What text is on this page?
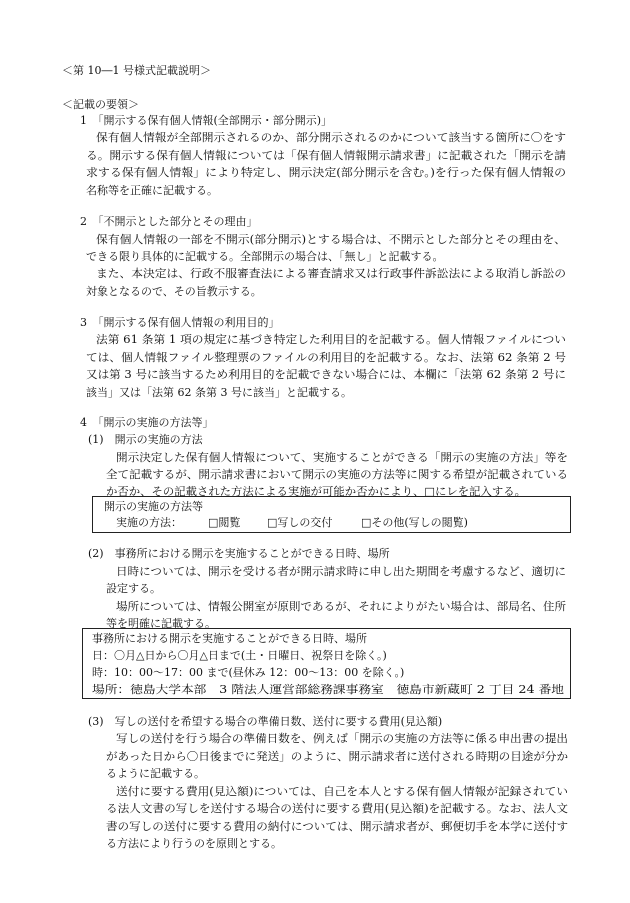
＜第 10―1 号様式記載説明＞
＜記載の要領＞
1　「開示する保有個人情報(全部開示・部分開示)」
保有個人情報が全部開示されるのか、部分開示されるのかについて該当する箇所に〇をす
る。開示する保有個人情報については「保有個人情報開示請求書」に記載された「開示を請
求する保有個人情報」により特定し、開示決定(部分開示を含む。)を行った保有個人情報の
名称等を正確に記載する。
2　「不開示とした部分とその理由」
保有個人情報の一部を不開示(部分開示)とする場合は、不開示とした部分とその理由を、
できる限り具体的に記載する。全部開示の場合は、「無し」と記載する。
また、本決定は、行政不服審査法による審査請求又は行政事件訴訟法による取消し訴訟の
対象となるので、その旨教示する。
3　「開示する保有個人情報の利用目的」
法第 61 条第 1 項の規定に基づき特定した利用目的を記載する。個人情報ファイルについ
ては、個人情報ファイル整理票のファイルの利用目的を記載する。なお、法第 62 条第 2 号
又は第 3 号に該当するため利用目的を記載できない場合には、本欄に「法第 62 条第 2 号に
該当」又は「法第 62 条第 3 号に該当」と記載する。
4　「開示の実施の方法等」
(1)　開示の実施の方法
開示決定した保有個人情報について、実施することができる「開示の実施の方法」等を
全て記載するが、開示請求書において開示の実施の方法等に関する希望が記載されている
か否か、その記載された方法による実施が可能か否かにより、□にレを記入する。
開示の実施の方法等
実施の方法： □閲覧 □写しの交付	□その他(写しの閲覧)
(2)　事務所における開示を実施することができる日時、場所
日時については、開示を受ける者が開示請求時に申し出た期間を考慮するなど、適切に
設定する。
場所については、情報公開室が原則であるが、それによりがたい場合は、部局名、住所
等を明確に記載する。
事務所における開示を実施することができる日時、場所
日：〇月△日から〇月△日まで(土・日曜日、祝祭日を除く。)
時：10：00～17：00 まで(昼休み 12：00～13：00 を除く。)
場所：徳島大学本部　3 階法人運営部総務課事務室　徳島市新蔵町 2 丁目 24 番地
(3)　写しの送付を希望する場合の準備日数、送付に要する費用(見込額)
写しの送付を行う場合の準備日数を、例えば「開示の実施の方法等に係る申出書の提出
があった日から〇日後までに発送」のように、開示請求者に送付される時期の目途が分か
るように記載する。
送付に要する費用(見込額)については、自己を本人とする保有個人情報が記録されてい
る法人文書の写しを送付する場合の送付に要する費用(見込額)を記載する。なお、法人文
書の写しの送付に要する費用の納付については、開示請求者が、郵便切手を本学に送付す
る方法により行うのを原則とする。
